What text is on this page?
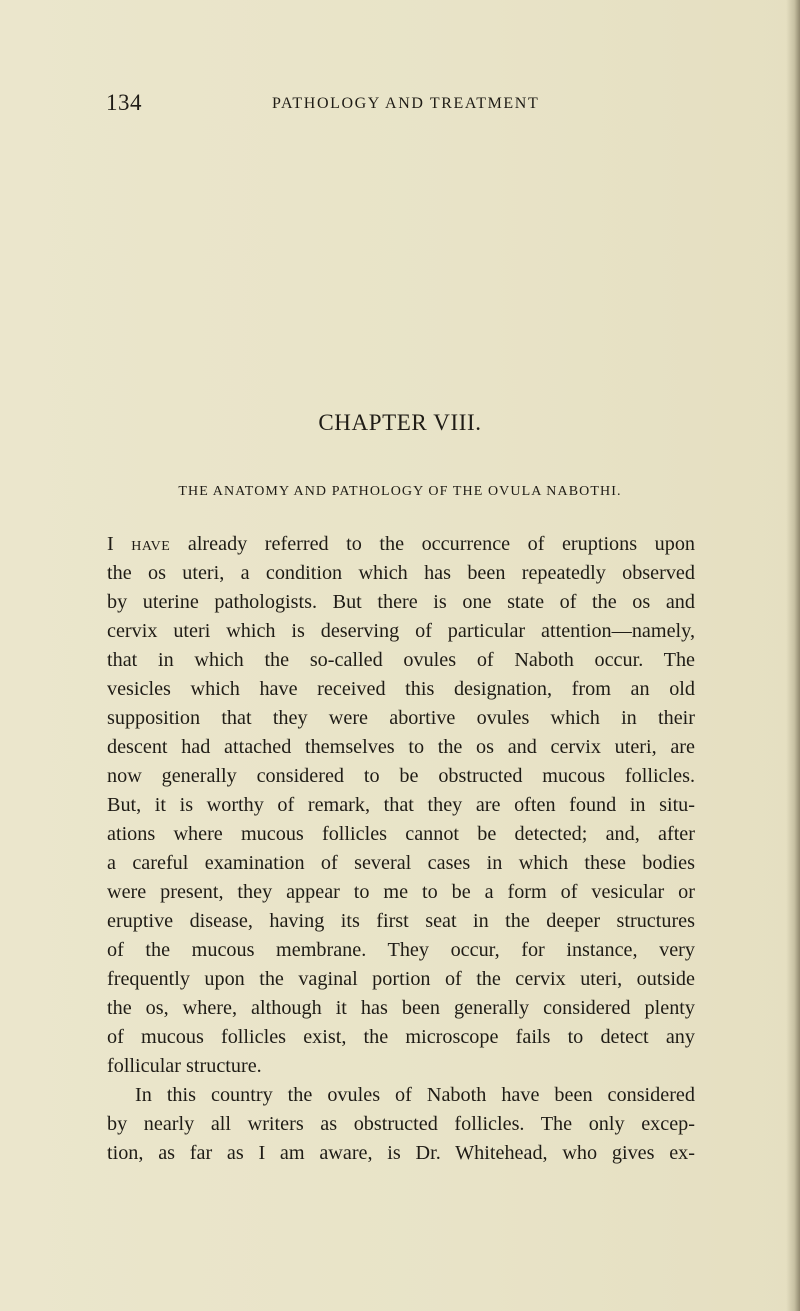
134	PATHOLOGY AND TREATMENT
CHAPTER VIII.
THE ANATOMY AND PATHOLOGY OF THE OVULA NABOTHI.
I have already referred to the occurrence of eruptions upon
the os uteri, a condition which has been repeatedly observed
by uterine pathologists. But there is one state of the os and
cervix uteri which is deserving of particular attention—namely,
that in which the so-called ovules of Naboth occur. The
vesicles which have received this designation, from an old
supposition that they were abortive ovules which in their
descent had attached themselves to the os and cervix uteri, are
now generally considered to be obstructed mucous follicles.
But, it is worthy of remark, that they are often found in situ-
ations where mucous follicles cannot be detected; and, after
a careful examination of several cases in which these bodies
were present, they appear to me to be a form of vesicular or
eruptive disease, having its first seat in the deeper structures
of the mucous membrane. They occur, for instance, very
frequently upon the vaginal portion of the cervix uteri, outside
the os, where, although it has been generally considered plenty
of mucous follicles exist, the microscope fails to detect any
follicular structure.
In this country the ovules of Naboth have been considered
by nearly all writers as obstructed follicles. The only excep-
tion, as far as I am aware, is Dr. Whitehead, who gives ex-
